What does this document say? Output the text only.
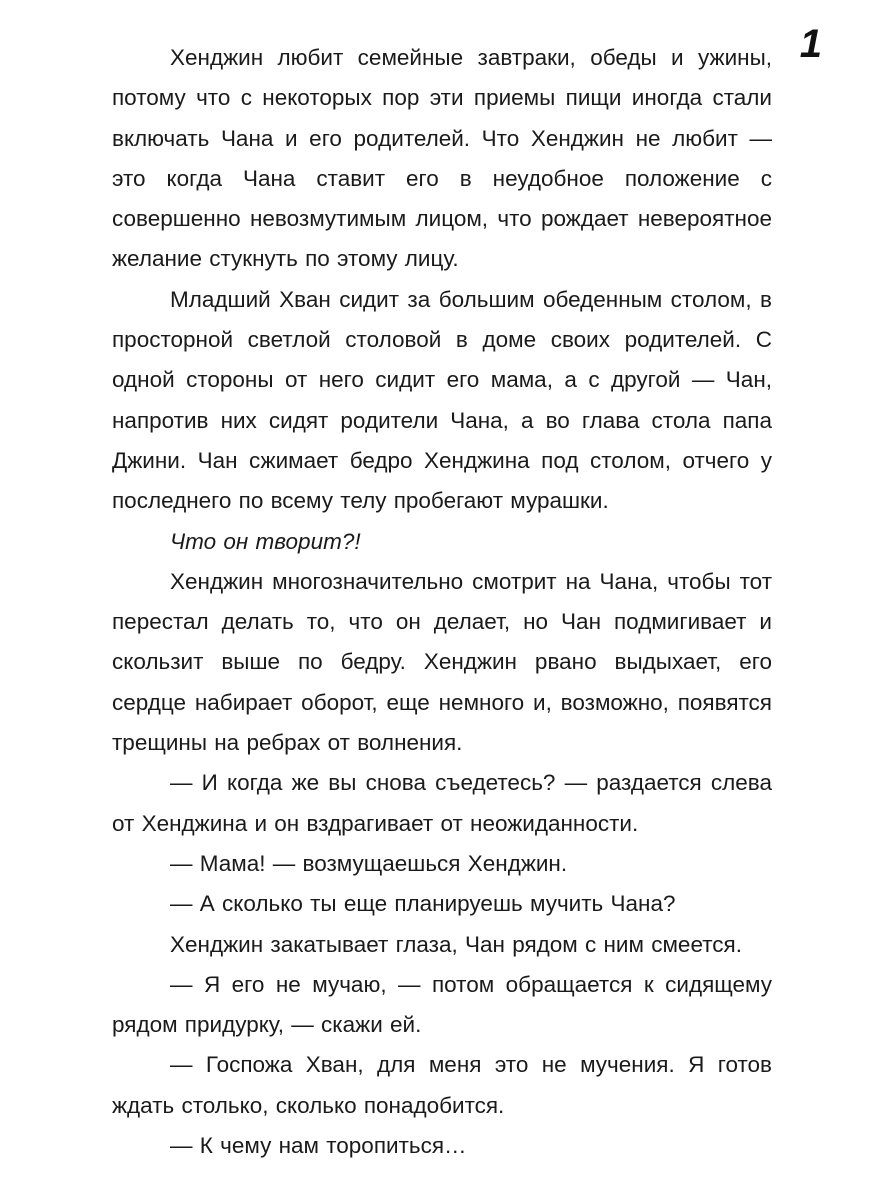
1

Хенджин любит семейные завтраки, обеды и ужины, потому что с некоторых пор эти приемы пищи иногда стали включать Чана и его родителей. Что Хенджин не любит — это когда Чана ставит его в неудобное положение с совершенно невозмутимым лицом, что рождает невероятное желание стукнуть по этому лицу.

Младший Хван сидит за большим обеденным столом, в просторной светлой столовой в доме своих родителей. С одной стороны от него сидит его мама, а с другой — Чан, напротив них сидят родители Чана, а во глава стола папа Джини. Чан сжимает бедро Хенджина под столом, отчего у последнего по всему телу пробегают мурашки.

Что он творит?!

Хенджин многозначительно смотрит на Чана, чтобы тот перестал делать то, что он делает, но Чан подмигивает и скользит выше по бедру. Хенджин рвано выдыхает, его сердце набирает оборот, еще немного и, возможно, появятся трещины на ребрах от волнения.

— И когда же вы снова съедетесь? — раздается слева от Хенджина и он вздрагивает от неожиданности.

— Мама! — возмущаешься Хенджин.

— А сколько ты еще планируешь мучить Чана?

Хенджин закатывает глаза, Чан рядом с ним смеется.

— Я его не мучаю, — потом обращается к сидящему рядом придурку, — скажи ей.

— Госпожа Хван, для меня это не мучения. Я готов ждать столько, сколько понадобится.

— К чему нам торопиться…
